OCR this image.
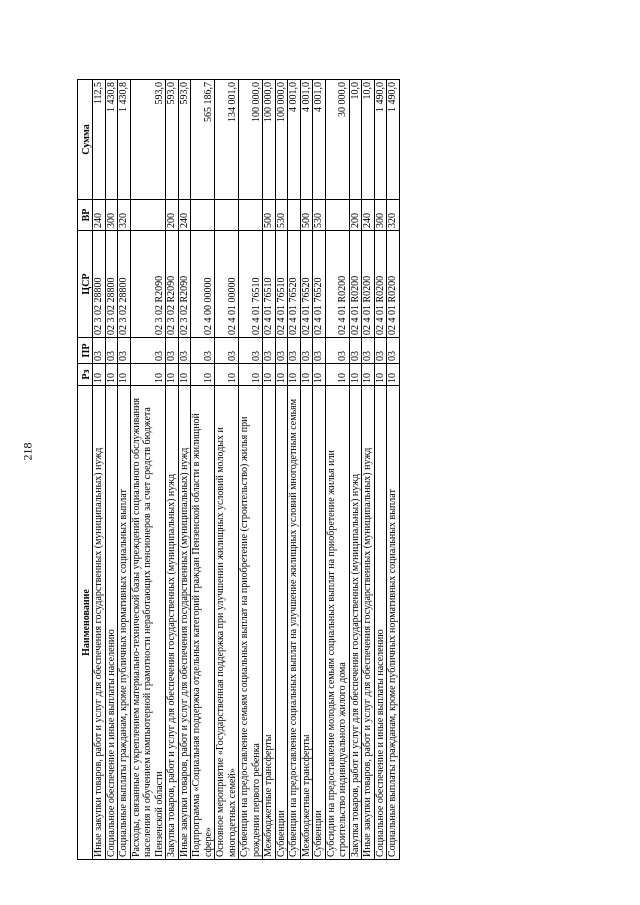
218
Наименование	Рз	ПР	ЦСР	ВР	Сумма
Иные закупки товаров, работ и услуг для обеспечения государственных (муниципальных) нужд	10	03	02 3 02 28800	240	112,5
Социальное обеспечение и иные выплаты населению	10	03	02 3 02 28800	300	1 430,8
Социальные выплаты гражданам, кроме публичных нормативных социальных выплат	10	03	02 3 02 28800	320	1 430,8
Расходы, связанные с укреплением материально-технической базы учреждений социального обслуживания населения и обучением компьютерной грамотности неработающих пенсионеров за счет средств бюджета Пензенской области	10	03	02 3 02 R2090		593,0
Закупка товаров, работ и услуг для обеспечения государственных (муниципальных) нужд	10	03	02 3 02 R2090	200	593,0
Иные закупки товаров, работ и услуг для обеспечения государственных (муниципальных) нужд	10	03	02 3 02 R2090	240	593,0
Подпрограмма «Социальная поддержка отдельных категорий граждан Пензенской области в жилищной сфере»	10	03	02 4 00 00000		565 186,7
Основное мероприятие «Государственная поддержка при улучшении жилищных условий молодых и многодетных семей»	10	03	02 4 01 00000		134 001,0
Субвенции на предоставление семьям социальных выплат на приобретение (строительство) жилья при рождении первого ребенка	10	03	02 4 01 76510		100 000,0
Межбюджетные трансферты	10	03	02 4 01 76510	500	100 000,0
Субвенции	10	03	02 4 01 76510	530	100 000,0
Субвенции на предоставление социальных выплат на улучшение жилищных условий многодетным семьям	10	03	02 4 01 76520		4 001,0
Межбюджетные трансферты	10	03	02 4 01 76520	500	4 001,0
Субвенции	10	03	02 4 01 76520	530	4 001,0
Субсидии на предоставление молодым семьям социальных выплат на приобретение жилья или строительство индивидуального жилого дома	10	03	02 4 01 R0200		30 000,0
Закупка товаров, работ и услуг для обеспечения государственных (муниципальных) нужд	10	03	02 4 01 R0200	200	10,0
Иные закупки товаров, работ и услуг для обеспечения государственных (муниципальных) нужд	10	03	02 4 01 R0200	240	10,0
Социальное обеспечение и иные выплаты населению	10	03	02 4 01 R0200	300	1 490,0
Социальные выплаты гражданам, кроме публичных нормативных социальных выплат	10	03	02 4 01 R0200	320	1 490,0
